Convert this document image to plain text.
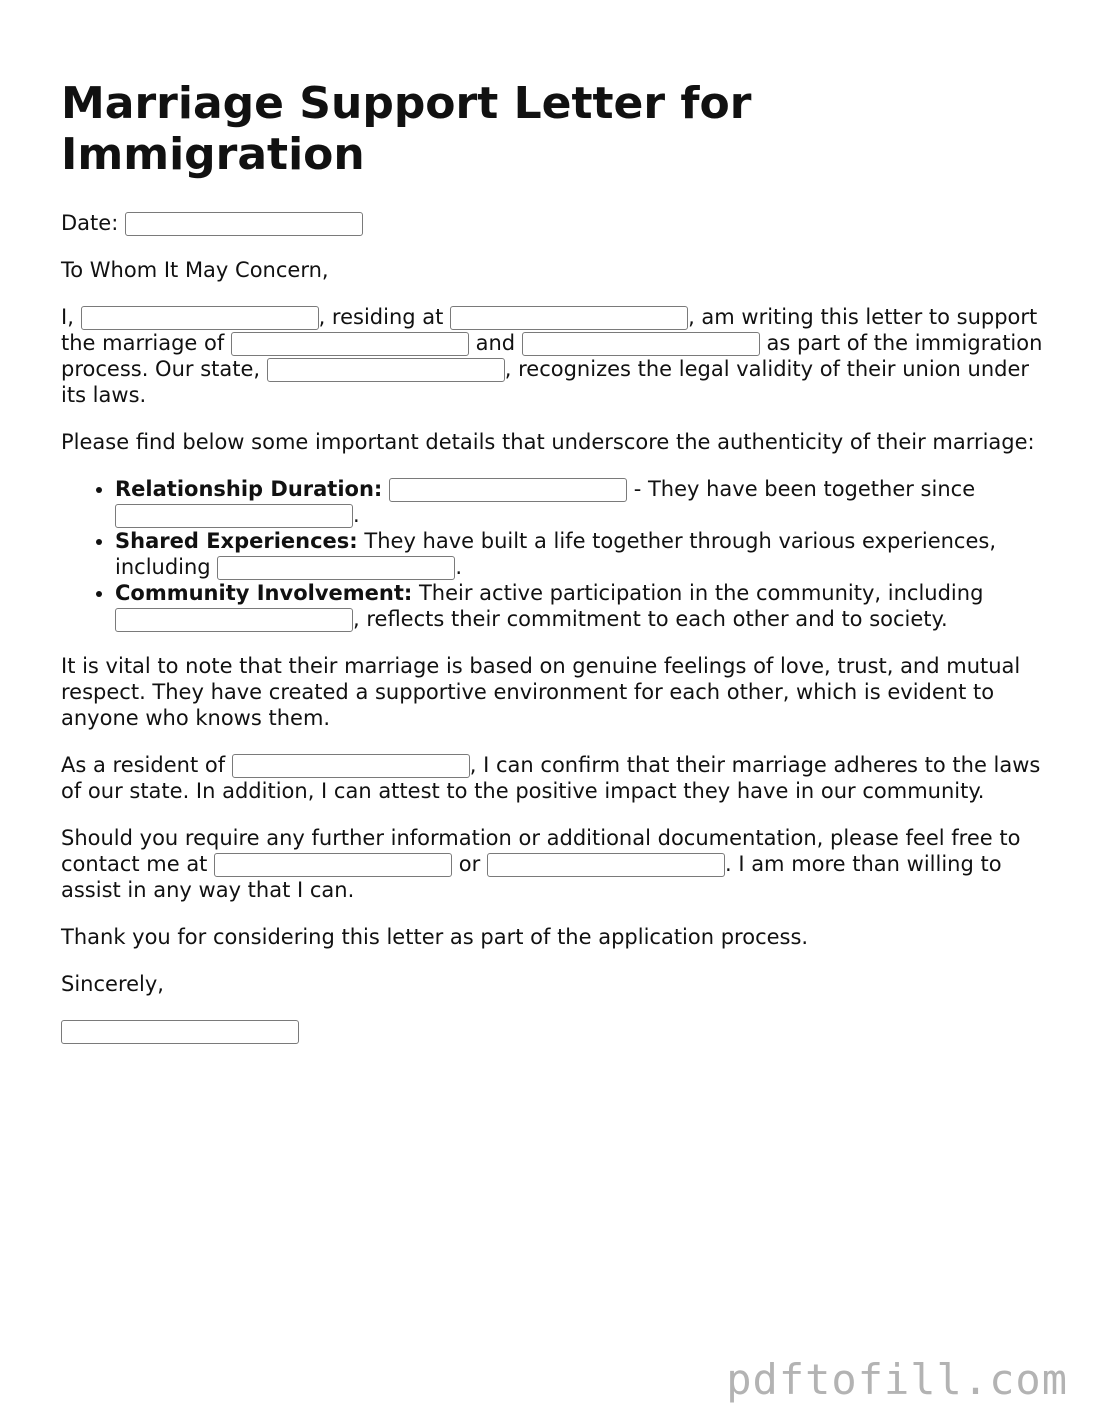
Marriage Support Letter for Immigration

Date:

To Whom It May Concern,

I,	, residing at	, am writing this letter to support the marriage of	and	as part of the immigration process. Our state,	, recognizes the legal validity of their union under its laws.

Please find below some important details that underscore the authenticity of their marriage:

• Relationship Duration:	- They have been together since .
• Shared Experiences: They have built a life together through various experiences, including	.
• Community Involvement: Their active participation in the community, including , reflects their commitment to each other and to society.

It is vital to note that their marriage is based on genuine feelings of love, trust, and mutual respect. They have created a supportive environment for each other, which is evident to anyone who knows them.

As a resident of	, I can confirm that their marriage adheres to the laws of our state. In addition, I can attest to the positive impact they have in our community.

Should you require any further information or additional documentation, please feel free to contact me at	or	. I am more than willing to assist in any way that I can.

Thank you for considering this letter as part of the application process.

Sincerely,

pdftofill.com
